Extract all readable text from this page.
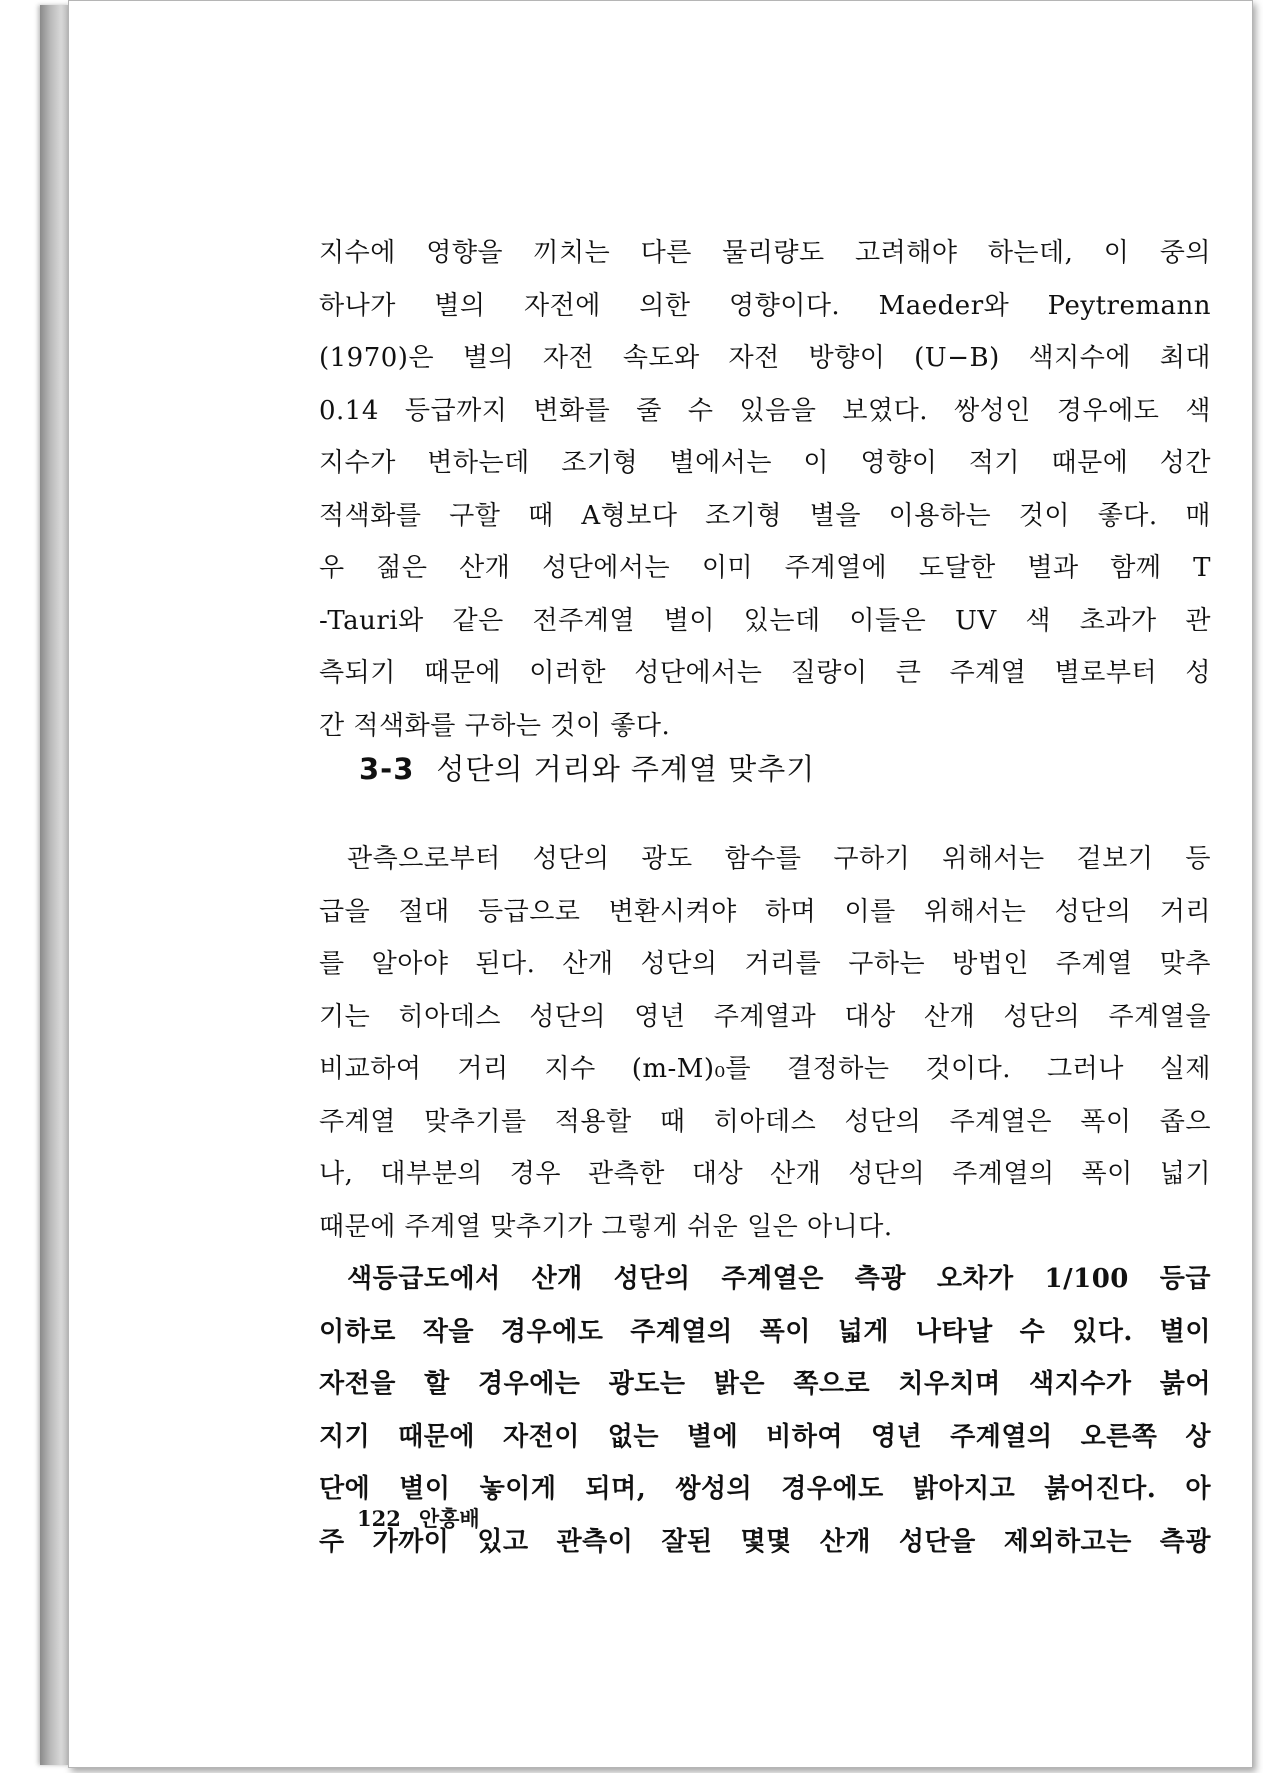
지수에 영향을 끼치는 다른 물리량도 고려해야 하는데, 이 중의
하나가 별의 자전에 의한 영향이다. Maeder와 Peytremann
(1970)은 별의 자전 속도와 자전 방향이 (U−B) 색지수에 최대
0.14 등급까지 변화를 줄 수 있음을 보였다. 쌍성인 경우에도 색
지수가 변하는데 조기형 별에서는 이 영향이 적기 때문에 성간
적색화를 구할 때 A형보다 조기형 별을 이용하는 것이 좋다. 매
우 젊은 산개 성단에서는 이미 주계열에 도달한 별과 함께 T
-Tauri와 같은 전주계열 별이 있는데 이들은 UV 색 초과가 관
측되기 때문에 이러한 성단에서는 질량이 큰 주계열 별로부터 성
간 적색화를 구하는 것이 좋다.
3-3 성단의 거리와 주계열 맞추기
관측으로부터 성단의 광도 함수를 구하기 위해서는 겉보기 등
급을 절대 등급으로 변환시켜야 하며 이를 위해서는 성단의 거리
를 알아야 된다. 산개 성단의 거리를 구하는 방법인 주계열 맞추
기는 히아데스 성단의 영년 주계열과 대상 산개 성단의 주계열을
비교하여 거리 지수 (m-M)₀를 결정하는 것이다. 그러나 실제
주계열 맞추기를 적용할 때 히아데스 성단의 주계열은 폭이 좁으
나, 대부분의 경우 관측한 대상 산개 성단의 주계열의 폭이 넓기
때문에 주계열 맞추기가 그렇게 쉬운 일은 아니다.
색등급도에서 산개 성단의 주계열은 측광 오차가 1/100 등급
이하로 작을 경우에도 주계열의 폭이 넓게 나타날 수 있다. 별이
자전을 할 경우에는 광도는 밝은 쪽으로 치우치며 색지수가 붉어
지기 때문에 자전이 없는 별에 비하여 영년 주계열의 오른쪽 상
단에 별이 놓이게 되며, 쌍성의 경우에도 밝아지고 붉어진다. 아
주 가까이 있고 관측이 잘된 몇몇 산개 성단을 제외하고는 측광
122 안홍배
